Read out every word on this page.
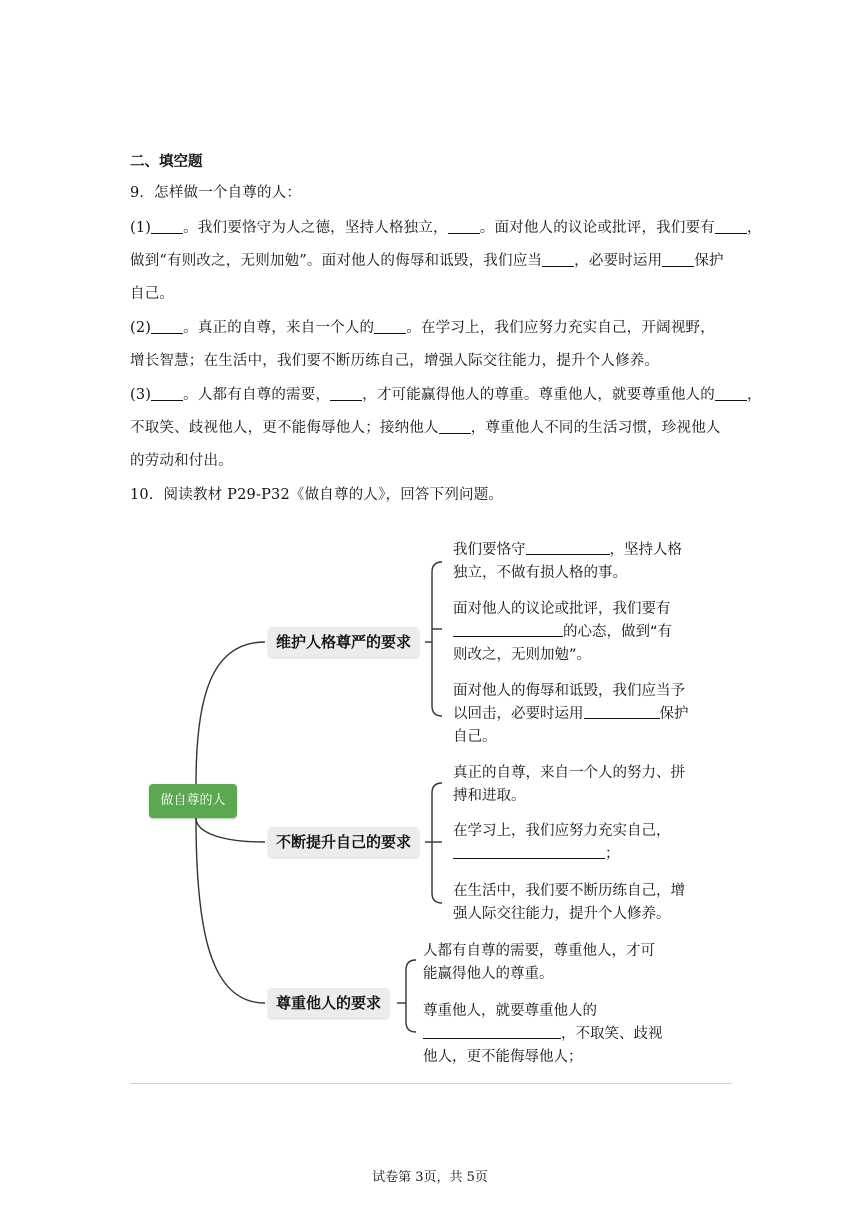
二、填空题
9．怎样做一个自尊的人：
(1) 。我们要恪守为人之德，坚持人格独立， 。面对他人的议论或批评，我们要有 ，
做到“有则改之，无则加勉”。面对他人的侮辱和诋毁，我们应当 ，必要时运用 保护
自己。
(2) 。真正的自尊，来自一个人的 。在学习上，我们应努力充实自己，开阔视野，
增长智慧；在生活中，我们要不断历练自己，增强人际交往能力，提升个人修养。
(3) 。人都有自尊的需要， ，才可能赢得他人的尊重。尊重他人，就要尊重他人的 ，
不取笑、歧视他人，更不能侮辱他人；接纳他人 ，尊重他人不同的生活习惯，珍视他人
的劳动和付出。
10．阅读教材 P29-P32《做自尊的人》，回答下列问题。
做自尊的人
维护人格尊严的要求
不断提升自己的要求
尊重他人的要求
我们要恪守	，坚持人格
独立，不做有损人格的事。
面对他人的议论或批评，我们要有
的心态，做到“有
则改之，无则加勉”。
面对他人的侮辱和诋毁，我们应当予
以回击，必要时运用	保护
自己。
真正的自尊，来自一个人的努力、拼
搏和进取。
在学习上，我们应努力充实自己，
；
在生活中，我们要不断历练自己，增
强人际交往能力，提升个人修养。
人都有自尊的需要，尊重他人，才可
能赢得他人的尊重。
尊重他人，就要尊重他人的
，不取笑、歧视
他人，更不能侮辱他人；
试卷第 3页，共 5页
